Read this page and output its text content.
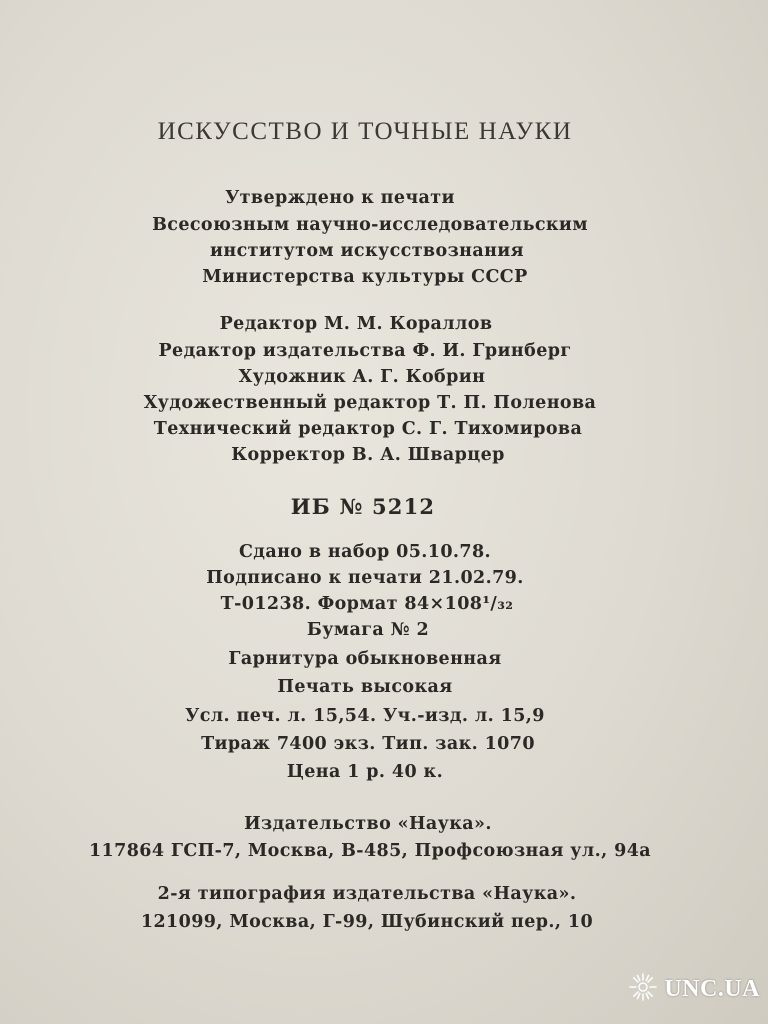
ИСКУССТВО И ТОЧНЫЕ НАУКИ
Утверждено к печати
Всесоюзным научно-исследовательским
институтом искусствознания
Министерства культуры СССР
Редактор М. М. Кораллов
Редактор издательства Ф. И. Гринберг
Художник А. Г. Кобрин
Художественный редактор Т. П. Поленова
Технический редактор С. Г. Тихомирова
Корректор В. А. Шварцер
ИБ № 5212
Сдано в набор 05.10.78.
Подписано к печати 21.02.79.
Т-01238. Формат 84×108¹/₃₂
Бумага № 2
Гарнитура обыкновенная
Печать высокая
Усл. печ. л. 15,54. Уч.-изд. л. 15,9
Тираж 7400 экз. Тип. зак. 1070
Цена 1 р. 40 к.
Издательство «Наука».
117864 ГСП-7, Москва, В-485, Профсоюзная ул., 94а
2-я типография издательства «Наука».
121099, Москва, Г-99, Шубинский пер., 10
UNC.UA
